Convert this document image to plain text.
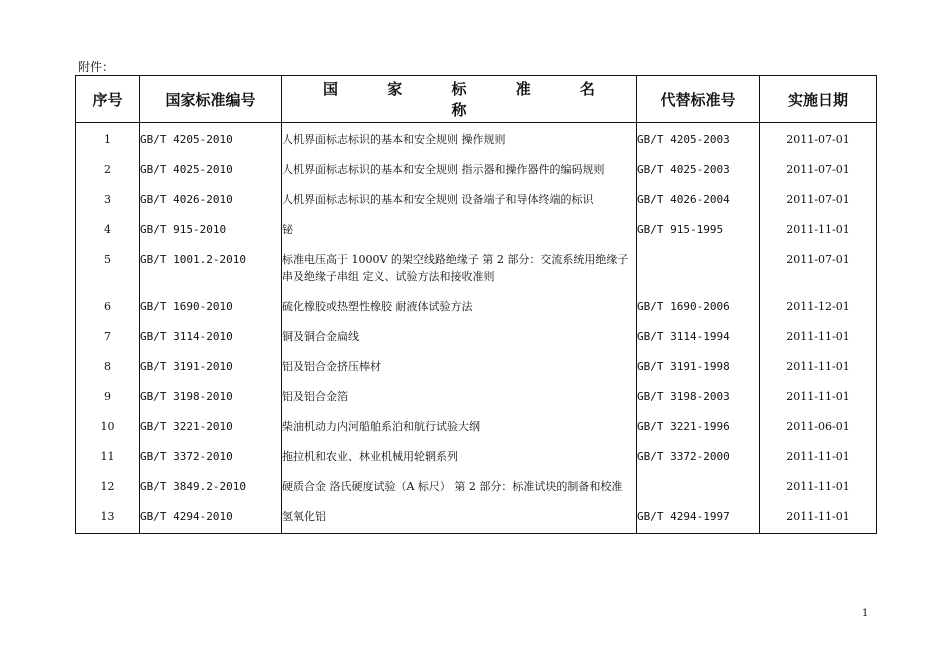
附件：
序号	国家标准编号	国 家 标 准 名 称	代替标准号	实施日期
1	GB/T 4205-2010	人机界面标志标识的基本和安全规则 操作规则	GB/T 4205-2003	2011-07-01
2	GB/T 4025-2010	人机界面标志标识的基本和安全规则 指示器和操作器件的编码规则	GB/T 4025-2003	2011-07-01
3	GB/T 4026-2010	人机界面标志标识的基本和安全规则 设备端子和导体终端的标识	GB/T 4026-2004	2011-07-01
4	GB/T 915-2010	铋	GB/T 915-1995	2011-11-01
5	GB/T 1001.2-2010	标准电压高于 1000V 的架空线路绝缘子 第 2 部分：交流系统用绝缘子串及绝缘子串组 定义、试验方法和接收准则		2011-07-01
6	GB/T 1690-2010	硫化橡胶或热塑性橡胶 耐液体试验方法	GB/T 1690-2006	2011-12-01
7	GB/T 3114-2010	铜及铜合金扁线	GB/T 3114-1994	2011-11-01
8	GB/T 3191-2010	铝及铝合金挤压棒材	GB/T 3191-1998	2011-11-01
9	GB/T 3198-2010	铝及铝合金箔	GB/T 3198-2003	2011-11-01
10	GB/T 3221-2010	柴油机动力内河船舶系泊和航行试验大纲	GB/T 3221-1996	2011-06-01
11	GB/T 3372-2010	拖拉机和农业、林业机械用轮辋系列	GB/T 3372-2000	2011-11-01
12	GB/T 3849.2-2010	硬质合金 洛氏硬度试验（A 标尺） 第 2 部分：标准试块的制备和校准		2011-11-01
13	GB/T 4294-2010	氢氧化铝	GB/T 4294-1997	2011-11-01
1
